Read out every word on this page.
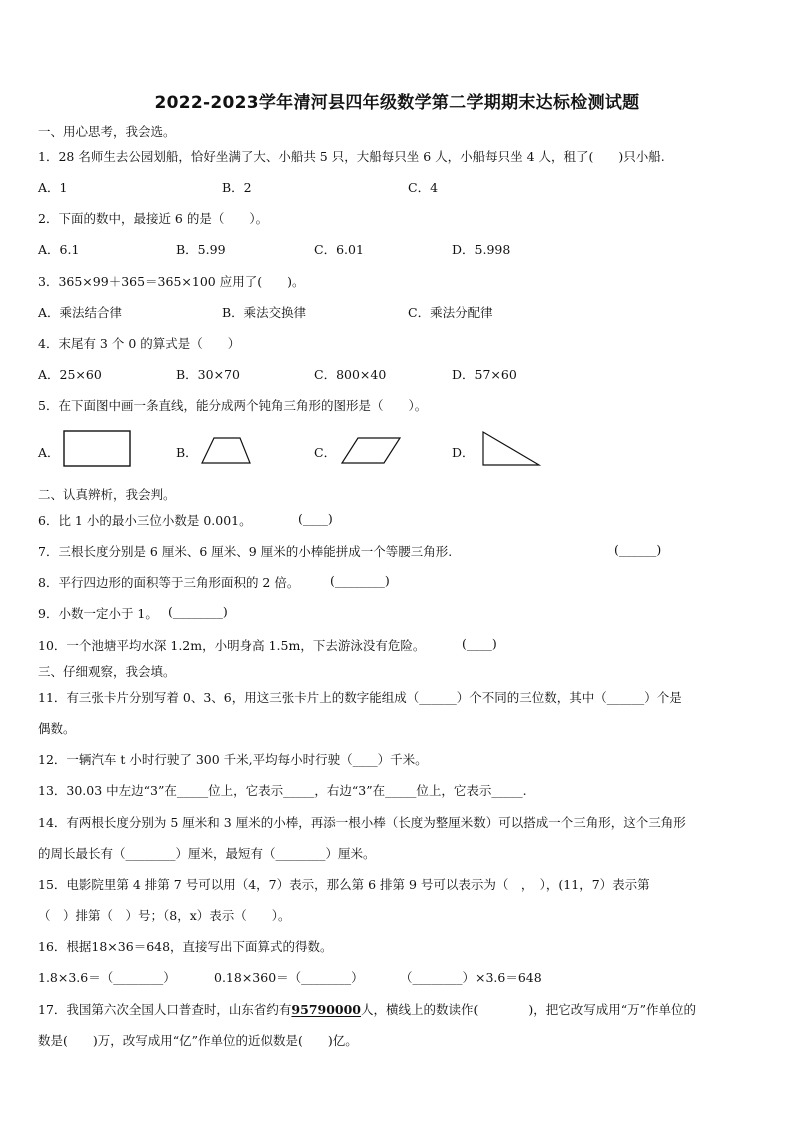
2022-2023学年清河县四年级数学第二学期期末达标检测试题
一、用心思考，我会选。
1．28 名师生去公园划船，恰好坐满了大、小船共 5 只，大船每只坐 6 人，小船每只坐 4 人，租了(　　)只小船.
A．1	B．2	C．4
2．下面的数中，最接近 6 的是（　　）。
A．6.1	B．5.99	C．6.01	D．5.998
3．365×99＋365＝365×100 应用了(　　)。
A．乘法结合律	B．乘法交换律	C．乘法分配律
4．末尾有 3 个 0 的算式是（　　）
A．25×60	B．30×70	C．800×40	D．57×60
5．在下面图中画一条直线，能分成两个钝角三角形的图形是（　　）。
A．	B．	C．	D．
二、认真辨析，我会判。
6．比 1 小的最小三位小数是 0.001。	(____)
7．三根长度分别是 6 厘米、6 厘米、9 厘米的小棒能拼成一个等腰三角形.	(______)
8．平行四边形的面积等于三角形面积的 2 倍。 (________)
9．小数一定小于 1。 (________)
10．一个池塘平均水深 1.2m，小明身高 1.5m，下去游泳没有危险。	(____)
三、仔细观察，我会填。
11．有三张卡片分别写着 0、3、6，用这三张卡片上的数字能组成（______）个不同的三位数，其中（______）个是
偶数。
12．一辆汽车 t 小时行驶了 300 千米,平均每小时行驶（____）千米。
13．30.03 中左边“3”在_____位上，它表示_____，右边“3”在_____位上，它表示_____.
14．有两根长度分别为 5 厘米和 3 厘米的小棒，再添一根小棒（长度为整厘米数）可以搭成一个三角形，这个三角形
的周长最长有（________）厘米，最短有（________）厘米。
15．电影院里第 4 排第 7 号可以用（4，7）表示，那么第 6 排第 9 号可以表示为（　，　），(11，7）表示第
（　）排第（　）号；（8，x）表示（　　）。
16．根据18×36＝648，直接写出下面算式的得数。
1.8×3.6＝（________）	0.18×360＝（________）	（________）×3.6＝648
17．我国第六次全国人口普查时，山东省约有95790000人，横线上的数读作(　　　　)，把它改写成用“万”作单位的
数是(　　)万，改写成用“亿”作单位的近似数是(　　)亿。
